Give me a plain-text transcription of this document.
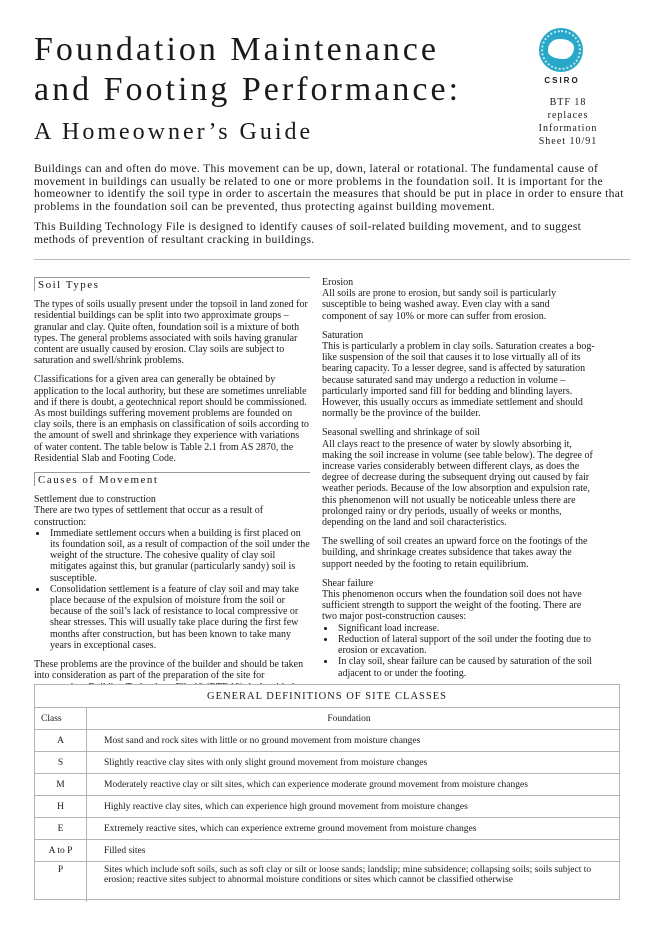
Foundation Maintenance
and Footing Performance:
A Homeowner’s Guide
CSIRO
BTF 18
replaces
Information
Sheet 10/91

Buildings can and often do move. This movement can be up, down, lateral or rotational. The fundamental cause of movement in buildings can usually be related to one or more problems in the foundation soil. It is important for the homeowner to identify the soil type in order to ascertain the measures that should be put in place in order to ensure that problems in the foundation soil can be prevented, thus protecting against building movement.

This Building Technology File is designed to identify causes of soil-related building movement, and to suggest methods of prevention of resultant cracking in buildings.

Soil Types

The types of soils usually present under the topsoil in land zoned for residential buildings can be split into two approximate groups – granular and clay. Quite often, foundation soil is a mixture of both types. The general problems associated with soils having granular content are usually caused by erosion. Clay soils are subject to saturation and swell/shrink problems.

Classifications for a given area can generally be obtained by application to the local authority, but these are sometimes unreliable and if there is doubt, a geotechnical report should be commissioned. As most buildings suffering movement problems are founded on clay soils, there is an emphasis on classification of soils according to the amount of swell and shrinkage they experience with variations of water content. The table below is Table 2.1 from AS 2870, the Residential Slab and Footing Code.

Causes of Movement
Settlement due to construction
There are two types of settlement that occur as a result of construction:
• Immediate settlement occurs when a building is first placed on its foundation soil, as a result of compaction of the soil under the weight of the structure. The cohesive quality of clay soil mitigates against this, but granular (particularly sandy) soil is susceptible.
• Consolidation settlement is a feature of clay soil and may take place because of the expulsion of moisture from the soil or because of the soil’s lack of resistance to local compressive or shear stresses. This will usually take place during the first few months after construction, but has been known to take many years in exceptional cases.

These problems are the province of the builder and should be taken into consideration as part of the preparation of the site for

Erosion

All soils are prone to erosion, but sandy soil is particularly susceptible to being washed away. Even clay with a sand component of say 10% or more can suffer from erosion.

Saturation

This is particularly a problem in clay soils. Saturation creates a bog-like suspension of the soil that causes it to lose virtually all of its bearing capacity. To a lesser degree, sand is affected by saturation because saturated sand may undergo a reduction in volume – particularly imported sand fill for bedding and blinding layers. However, this usually occurs as immediate settlement and should normally be the province of the builder.

Seasonal swelling and shrinkage of soil

All clays react to the presence of water by slowly absorbing it, making the soil increase in volume (see table below). The degree of increase varies considerably between different clays, as does the degree of decrease during the subsequent drying out caused by fair weather periods. Because of the low absorption and expulsion rate, this phenomenon will not usually be noticeable unless there are prolonged rainy or dry periods, usually of weeks or months, depending on the land and soil characteristics.

The swelling of soil creates an upward force on the footings of the building, and shrinkage creates subsidence that takes away the support needed by the footing to retain equilibrium.

Shear failure
This phenomenon occurs when the foundation soil does not have sufficient strength to support the weight of the footing. There are two major post-construction causes:
• Significant load increase.
• Reduction of lateral support of the soil under the footing due to erosion or excavation.
• In clay soil, shear failure can be caused by saturation of the soil adjacent to or under the footing.
GENERAL DEFINITIONS OF SITE CLASSES
Class	Foundation
A	Most sand and rock sites with little or no ground movement from moisture changes
S	Slightly reactive clay sites with only slight ground movement from moisture changes
M	Moderately reactive clay or silt sites, which can experience moderate ground movement from moisture changes
H	Highly reactive clay sites, which can experience high ground movement from moisture changes
E	Extremely reactive sites, which can experience extreme ground movement from moisture changes
A to P	Filled sites
P	Sites which include soft soils, such as soft clay or silt or loose sands; landslip; mine subsidence; collapsing soils; soils subject to erosion; reactive sites subject to abnormal moisture conditions or sites which cannot be classified otherwise
